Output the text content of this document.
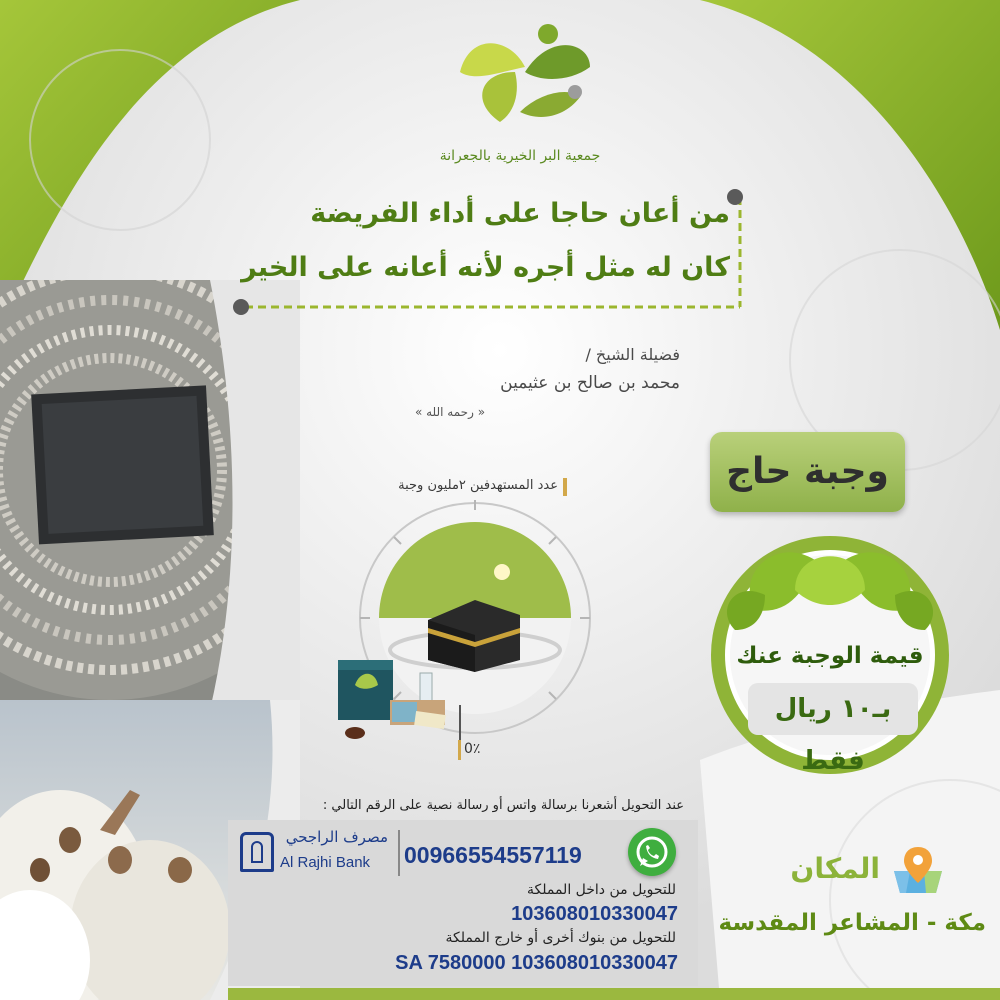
جمعية البر الخيرية بالجعرانة
من أعان حاجا على أداء الفريضة
كان له مثل أجره لأنه أعانه على الخير
فضيلة الشيخ /
محمد بن صالح بن عثيمين
« رحمه الله »
وجبة حاج
عدد المستهدفين ٢مليون وجبة
0٪
قيمة الوجبة عنك
بـ١٠ ريال فقط
عند التحويل أشعرنا برسالة واتس أو رسالة نصية على الرقم التالي :
مصرف الراجحي
Al Rajhi Bank 00966554557119
للتحويل من داخل المملكة
103608010330047
للتحويل من بنوك أخرى أو خارج المملكة
SA 7580000 103608010330047
المكان
مكة - المشاعر المقدسة
